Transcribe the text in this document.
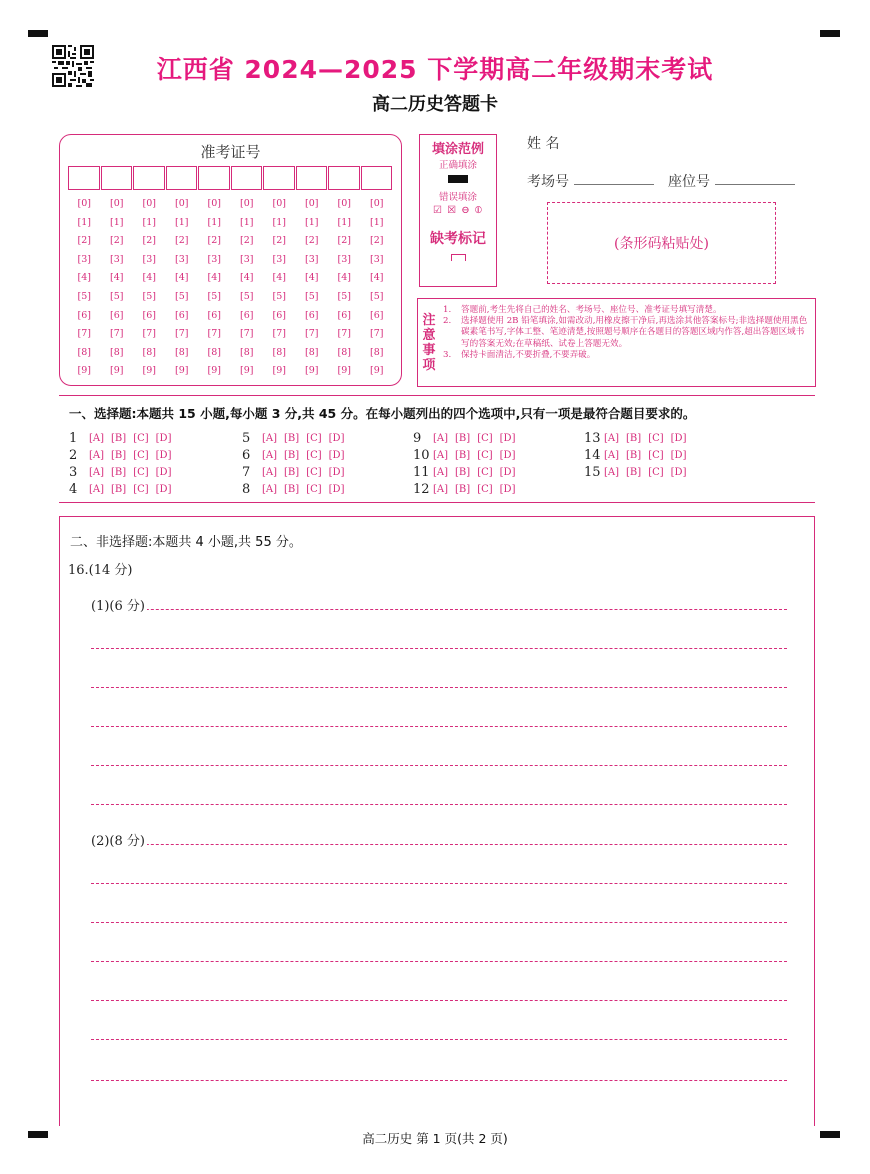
江西省 2024—2025 下学期高二年级期末考试
高二历史答题卡
准考证号
[0]	[0]	[0]	[0]	[0]	[0]	[0]	[0]	[0]	[0]
[1]	[1]	[1]	[1]	[1]	[1]	[1]	[1]	[1]	[1]
[2]	[2]	[2]	[2]	[2]	[2]	[2]	[2]	[2]	[2]
[3]	[3]	[3]	[3]	[3]	[3]	[3]	[3]	[3]	[3]
[4]	[4]	[4]	[4]	[4]	[4]	[4]	[4]	[4]	[4]
[5]	[5]	[5]	[5]	[5]	[5]	[5]	[5]	[5]	[5]
[6]	[6]	[6]	[6]	[6]	[6]	[6]	[6]	[6]	[6]
[7]	[7]	[7]	[7]	[7]	[7]	[7]	[7]	[7]	[7]
[8]	[8]	[8]	[8]	[8]	[8]	[8]	[8]	[8]	[8]
[9]	[9]	[9]	[9]	[9]	[9]	[9]	[9]	[9]	[9]
填涂范例
正确填涂
错误填涂
☑ ☒ ⊖ ⦶
缺考标记
姓 名
考场号	座位号
(条形码粘贴处)
注意事项
1.	答题前,考生先将自己的姓名、考场号、座位号、准考证号填写清楚。
2.	选择题使用 2B 铅笔填涂,如需改动,用橡皮擦干净后,再选涂其他答案标号;非选择题使用黑色碳素笔书写,字体工整、笔迹清楚,按照题号顺序在各题目的答题区域内作答,超出答题区域书写的答案无效;在草稿纸、试卷上答题无效。
3.	保持卡面清洁,不要折叠,不要弄破。
一、选择题:本题共 15 小题,每小题 3 分,共 45 分。在每小题列出的四个选项中,只有一项是最符合题目要求的。
1	[A] [B] [C] [D]
2	[A] [B] [C] [D]
3	[A] [B] [C] [D]
4	[A] [B] [C] [D]
5	[A] [B] [C] [D]
6	[A] [B] [C] [D]
7	[A] [B] [C] [D]
8	[A] [B] [C] [D]
9	[A] [B] [C] [D]
10 [A] [B] [C] [D]
11 [A] [B] [C] [D]
12 [A] [B] [C] [D]
13 [A] [B] [C] [D]
14 [A] [B] [C] [D]
15 [A] [B] [C] [D]
二、非选择题:本题共 4 小题,共 55 分。
16.(14 分)
(1)(6 分)
(2)(8 分)
高二历史 第 1 页(共 2 页)
